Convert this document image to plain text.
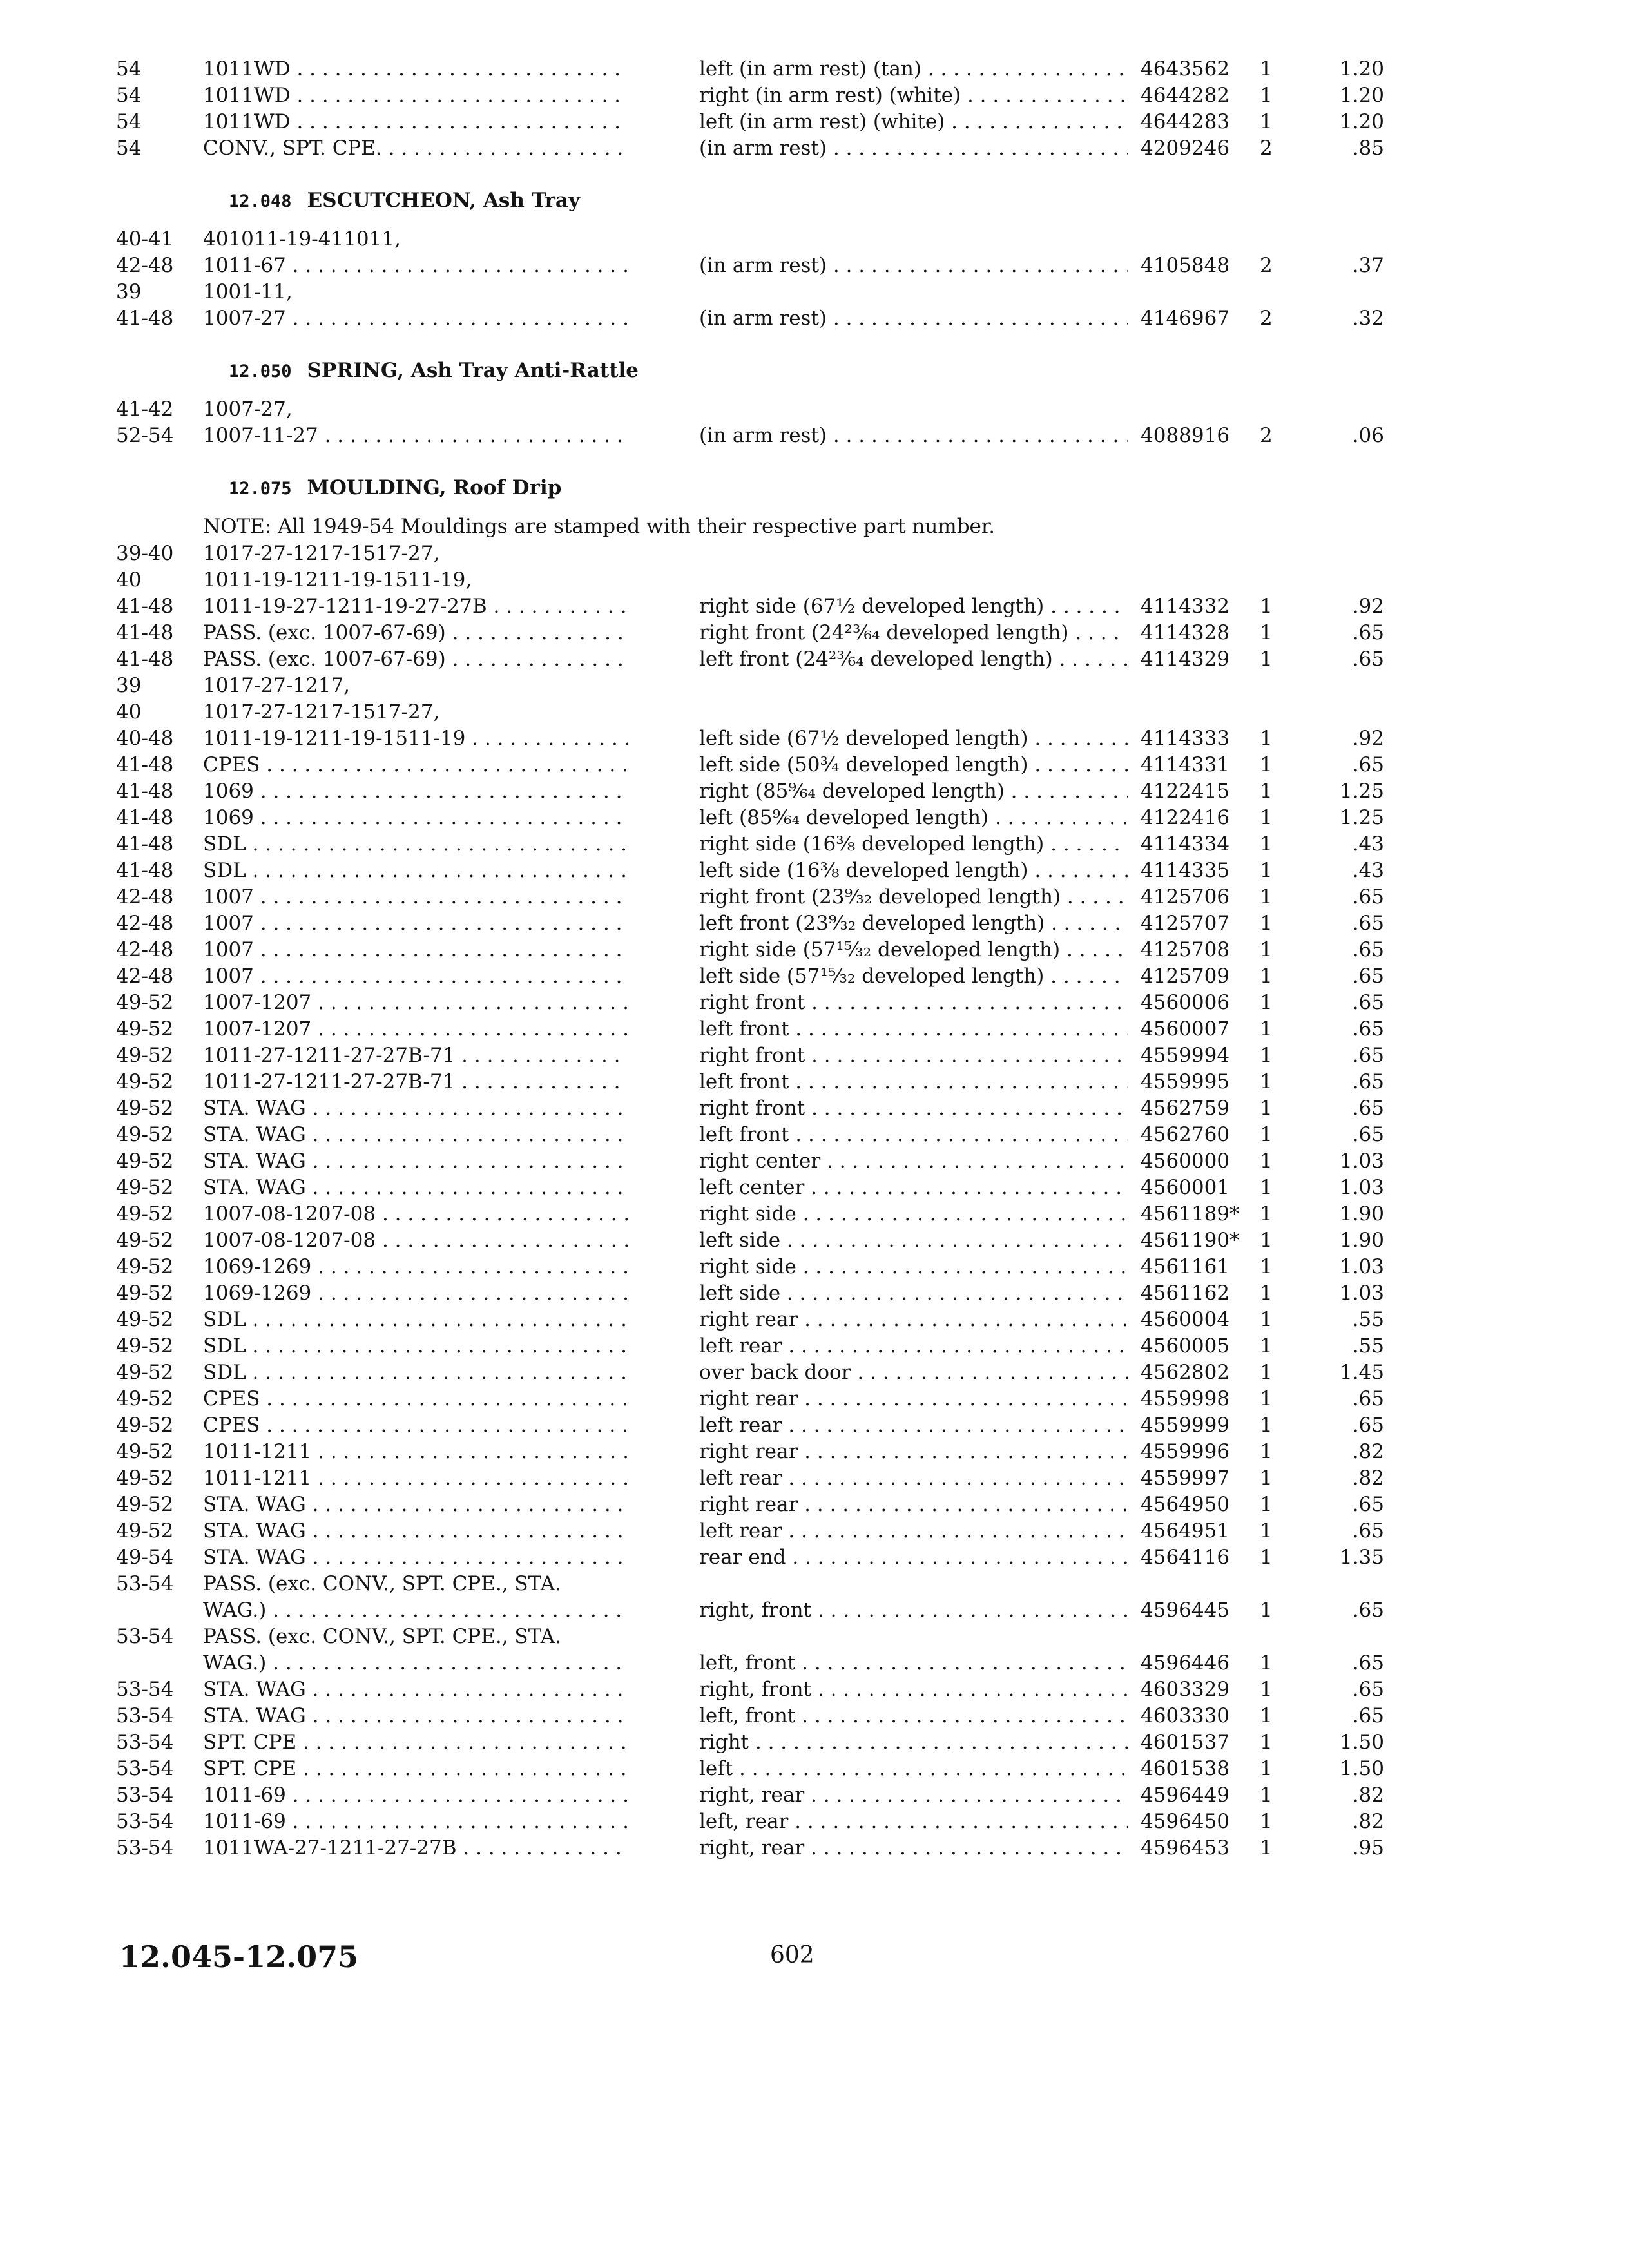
54	1011WD . . .	left (in arm rest) (tan) . . .	4643562 1	1.20
54	1011WD . . .	right (in arm rest) (white) . . .	4644282 1	1.20
54	1011WD . . .	left (in arm rest) (white) . . .	4644283 1	1.20
54	CONV., SPT. CPE. . . .	(in arm rest) . . .	4209246 2	.85
12.048 ESCUTCHEON, Ash Tray
40-41 401011-19-411011,
42-48 1011-67 . . .	(in arm rest) . . .	4105848 2	.37
39	1001-11,
41-48 1007-27 . . .	(in arm rest) . . .	4146967 2	.32
12.050 SPRING, Ash Tray Anti-Rattle
41-42 1007-27,
52-54 1007-11-27 . . .	(in arm rest) . . .	4088916 2	.06
12.075 MOULDING, Roof Drip
NOTE: All 1949-54 Mouldings are stamped with their respective part number.
39-40 1017-27-1217-1517-27,
40	1011-19-1211-19-1511-19,
41-48 1011-19-27-1211-19-27-27B . . .	right side (67½ developed length) . . .	4114332 1	.92
41-48 PASS. (exc. 1007-67-69) . . .	right front (24²³⁄₆₄ developed length) . . .	4114328 1	.65
41-48 PASS. (exc. 1007-67-69) . . .	left front (24²³⁄₆₄ developed length) . . .	4114329 1	.65
39	1017-27-1217,
40	1017-27-1217-1517-27,
40-48 1011-19-1211-19-1511-19 . . .	left side (67½ developed length) . . .	4114333 1	.92
41-48 CPES . . .	left side (50¾ developed length) . . .	4114331 1	.65
41-48 1069 . . .	right (85⁹⁄₆₄ developed length) . . .	4122415 1	1.25
41-48 1069 . . .	left (85⁹⁄₆₄ developed length) . . .	4122416 1	1.25
41-48 SDL . . .	right side (16⅜ developed length) . . .	4114334 1	.43
41-48 SDL . . .	left side (16⅜ developed length) . . .	4114335 1	.43
42-48 1007 . . .	right front (23⁹⁄₃₂ developed length) . . .	4125706 1	.65
42-48 1007 . . .	left front (23⁹⁄₃₂ developed length) . . .	4125707 1	.65
42-48 1007 . . .	right side (57¹⁵⁄₃₂ developed length) . . .	4125708 1	.65
42-48 1007 . . .	left side (57¹⁵⁄₃₂ developed length) . . .	4125709 1	.65
49-52 1007-1207 . . .	right front . . .	4560006 1	.65
49-52 1007-1207 . . .	left front . . .	4560007 1	.65
49-52 1011-27-1211-27-27B-71 . . .	right front . . .	4559994 1	.65
49-52 1011-27-1211-27-27B-71 . . .	left front . . .	4559995 1	.65
49-52 STA. WAG . . .	right front . . .	4562759 1	.65
49-52 STA. WAG . . .	left front . . .	4562760 1	.65
49-52 STA. WAG . . .	right center . . .	4560000 1	1.03
49-52 STA. WAG . . .	left center . . .	4560001 1	1.03
49-52 1007-08-1207-08 . . .	right side . . .	4561189* 1	1.90
49-52 1007-08-1207-08 . . .	left side . . .	4561190* 1	1.90
49-52 1069-1269 . . .	right side . . .	4561161 1	1.03
49-52 1069-1269 . . .	left side . . .	4561162 1	1.03
49-52 SDL . . .	right rear . . .	4560004 1	.55
49-52 SDL . . .	left rear . . .	4560005 1	.55
49-52 SDL . . .	over back door . . .	4562802 1	1.45
49-52 CPES . . .	right rear . . .	4559998 1	.65
49-52 CPES . . .	left rear . . .	4559999 1	.65
49-52 1011-1211 . . .	right rear . . .	4559996 1	.82
49-52 1011-1211 . . .	left rear . . .	4559997 1	.82
49-52 STA. WAG . . .	right rear . . .	4564950 1	.65
49-52 STA. WAG . . .	left rear . . .	4564951 1	.65
49-54 STA. WAG . . .	rear end . . .	4564116 1	1.35
53-54 PASS. (exc. CONV., SPT. CPE., STA.
WAG.) . . .	right, front . . .	4596445 1	.65
53-54 PASS. (exc. CONV., SPT. CPE., STA.
WAG.) . . .	left, front . . .	4596446 1	.65
53-54 STA. WAG . . .	right, front . . .	4603329 1	.65
53-54 STA. WAG . . .	left, front . . .	4603330 1	.65
53-54 SPT. CPE . . .	right . . .	4601537 1	1.50
53-54 SPT. CPE . . .	left . . .	4601538 1	1.50
53-54 1011-69 . . .	right, rear . . .	4596449 1	.82
53-54 1011-69 . . .	left, rear . . .	4596450 1	.82
53-54 1011WA-27-1211-27-27B . . .	right, rear . . .	4596453 1	.95
12.045-12.075	602
